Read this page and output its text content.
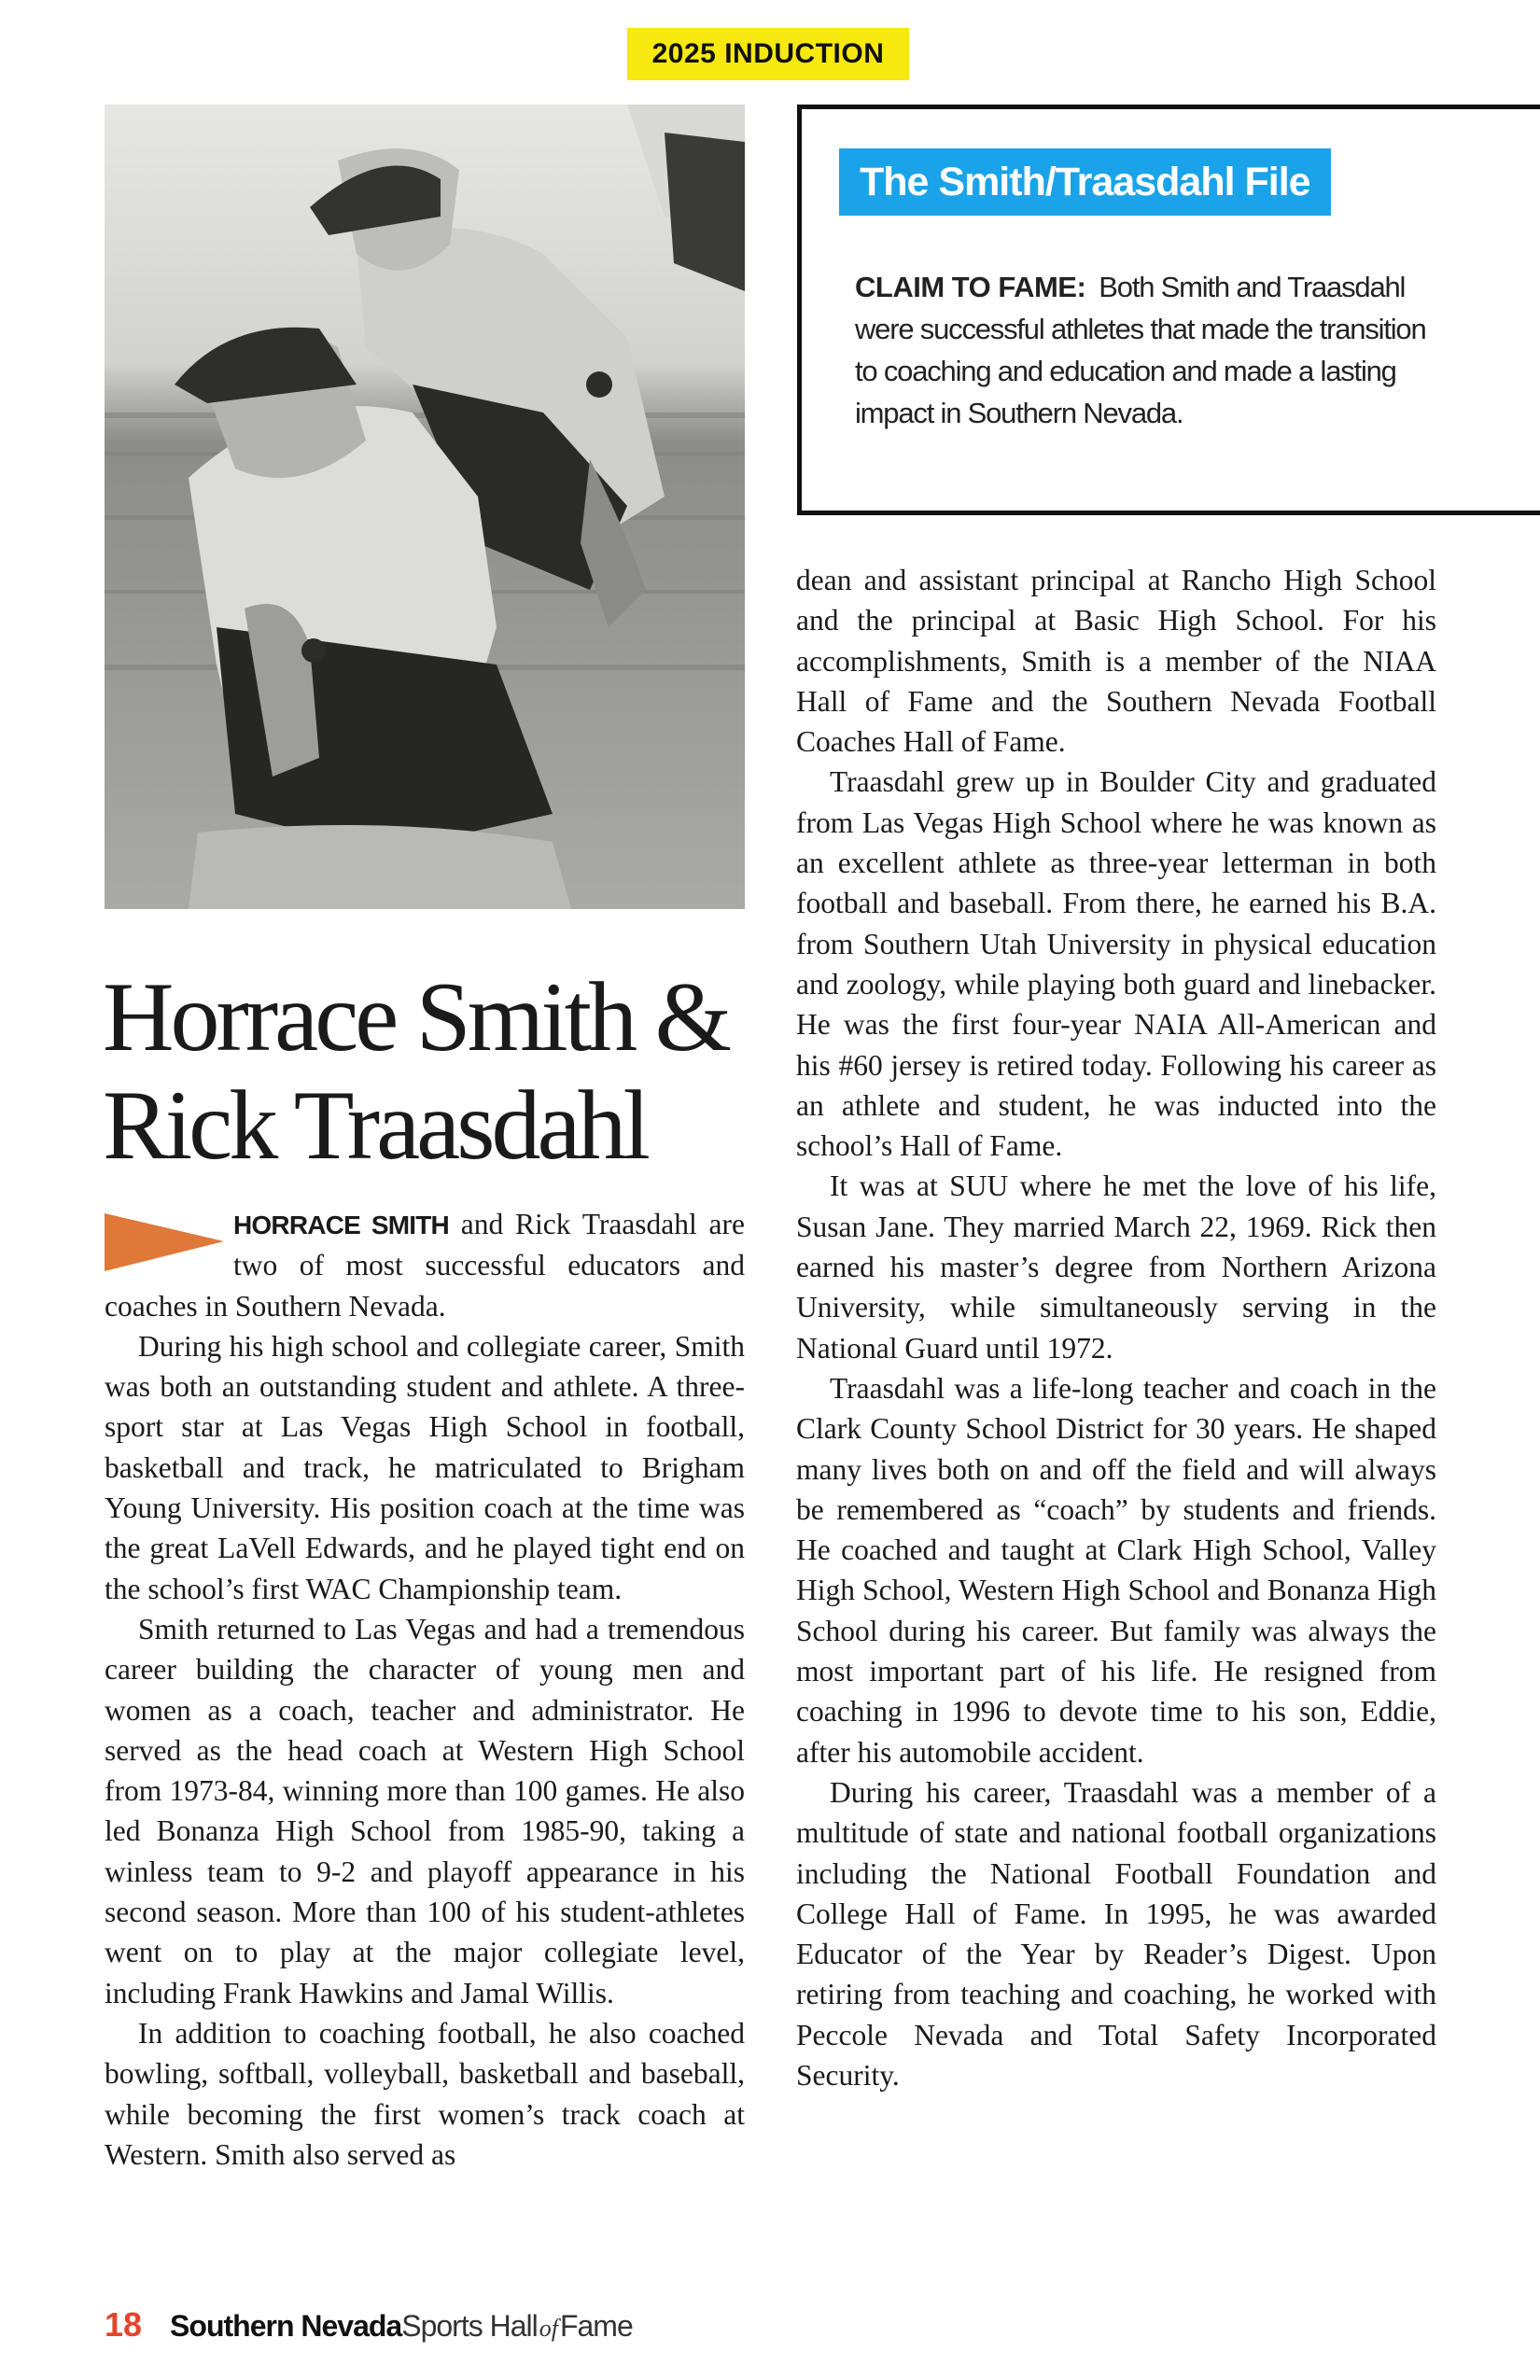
2025 INDUCTION
The Smith/Traasdahl File
CLAIM TO FAME: Both Smith and Traasdahl were successful athletes that made the transition to coaching and education and made a lasting impact in Southern Nevada.
Horrace Smith &
Rick Traasdahl

HORRACE SMITH and Rick Traasdahl are two of most successful educators and coaches in Southern Nevada.

During his high school and collegiate career, Smith was both an outstanding student and athlete. A three-sport star at Las Vegas High School in football, basketball and track, he matriculated to Brigham Young University. His position coach at the time was the great LaVell Edwards, and he played tight end on the school’s first WAC Championship team.

Smith returned to Las Vegas and had a tremendous career building the character of young men and women as a coach, teacher and administrator. He served as the head coach at Western High School from 1973-84, winning more than 100 games. He also led Bonanza High School from 1985-90, taking a winless team to 9-2 and playoff appearance in his second season. More than 100 of his student-athletes went on to play at the major collegiate level, including Frank Hawkins and Jamal Willis.

In addition to coaching football, he also coached bowling, softball, volleyball, basketball and baseball, while becoming the first women’s track coach at Western. Smith also served as

dean and assistant principal at Rancho High School and the principal at Basic High School. For his accomplishments, Smith is a member of the NIAA Hall of Fame and the Southern Nevada Football Coaches Hall of Fame.

Traasdahl grew up in Boulder City and graduated from Las Vegas High School where he was known as an excellent athlete as three-year letterman in both football and baseball. From there, he earned his B.A. from Southern Utah University in physical education and zoology, while playing both guard and linebacker. He was the first four-year NAIA All-American and his #60 jersey is retired today. Following his career as an athlete and student, he was inducted into the school’s Hall of Fame.

It was at SUU where he met the love of his life, Susan Jane. They married March 22, 1969. Rick then earned his master’s degree from Northern Arizona University, while simultaneously serving in the National Guard until 1972.

Traasdahl was a life-long teacher and coach in the Clark County School District for 30 years. He shaped many lives both on and off the field and will always be remembered as “coach” by students and friends. He coached and taught at Clark High School, Valley High School, Western High School and Bonanza High School during his career. But family was always the most important part of his life. He resigned from coaching in 1996 to devote time to his son, Eddie, after his automobile accident.

During his career, Traasdahl was a member of a multitude of state and national football organizations including the National Football Foundation and College Hall of Fame. In 1995, he was awarded Educator of the Year by Reader’s Digest. Upon retiring from teaching and coaching, he worked with Peccole Nevada and Total Safety Incorporated Security.

18 Southern Nevada Sports Hall of Fame
